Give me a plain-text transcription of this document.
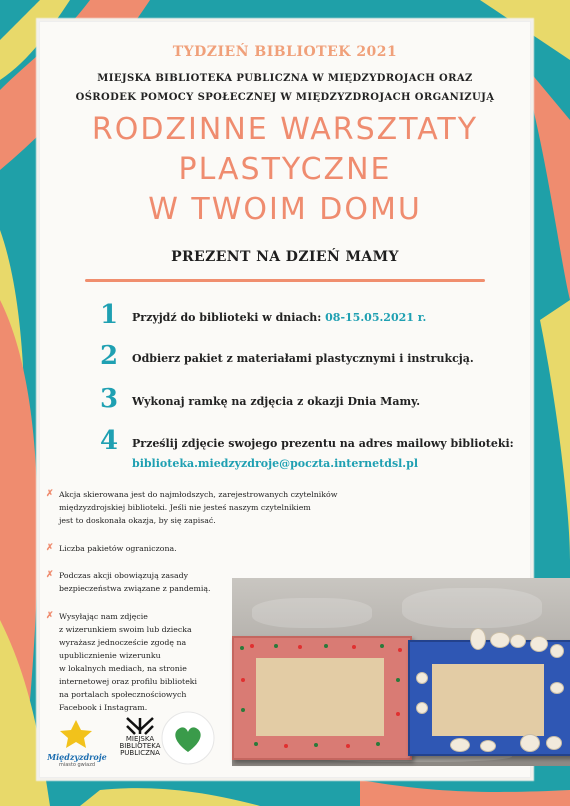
TYDZIEŃ BIBLIOTEK 2021
MIEJSKA BIBLIOTEKA PUBLICZNA W MIĘDZYDROJACH ORAZ
OŚRODEK POMOCY SPOŁECZNEJ W MIĘDZYZDROJACH ORGANIZUJĄ
RODZINNE WARSZTATY
PLASTYCZNE
W TWOIM DOMU
PREZENT NA DZIEŃ MAMY
1	Przyjdź do biblioteki w dniach: 08-15.05.2021 r.
2	Odbierz pakiet z materiałami plastycznymi i instrukcją.
3	Wykonaj ramkę na zdjęcia z okazji Dnia Mamy.
4	Prześlij zdjęcie swojego prezentu na adres mailowy biblioteki:
biblioteka.miedzyzdroje@poczta.internetdsl.pl
✗ Akcja skierowana jest do najmłodszych, zarejestrowanych czytelników
międzyzdrojskiej biblioteki. Jeśli nie jesteś naszym czytelnikiem
jest to doskonała okazja, by się zapisać.
✗ Liczba pakietów ograniczona.
✗ Podczas akcji obowiązują zasady
bezpieczeństwa związane z pandemią.
✗ Wysyłając nam zdjęcie
z wizerunkiem swoim lub dziecka
wyrażasz jednoczeście zgodę na
upublicznienie wizerunku
w lokalnych mediach, na stronie
internetowej oraz profilu biblioteki
na portalach społecznościowych
Facebook i Instagram.
Międzyzdroje
miasto gwiazd
MIEJSKA
BIBLIOTEKA
PUBLICZNA
